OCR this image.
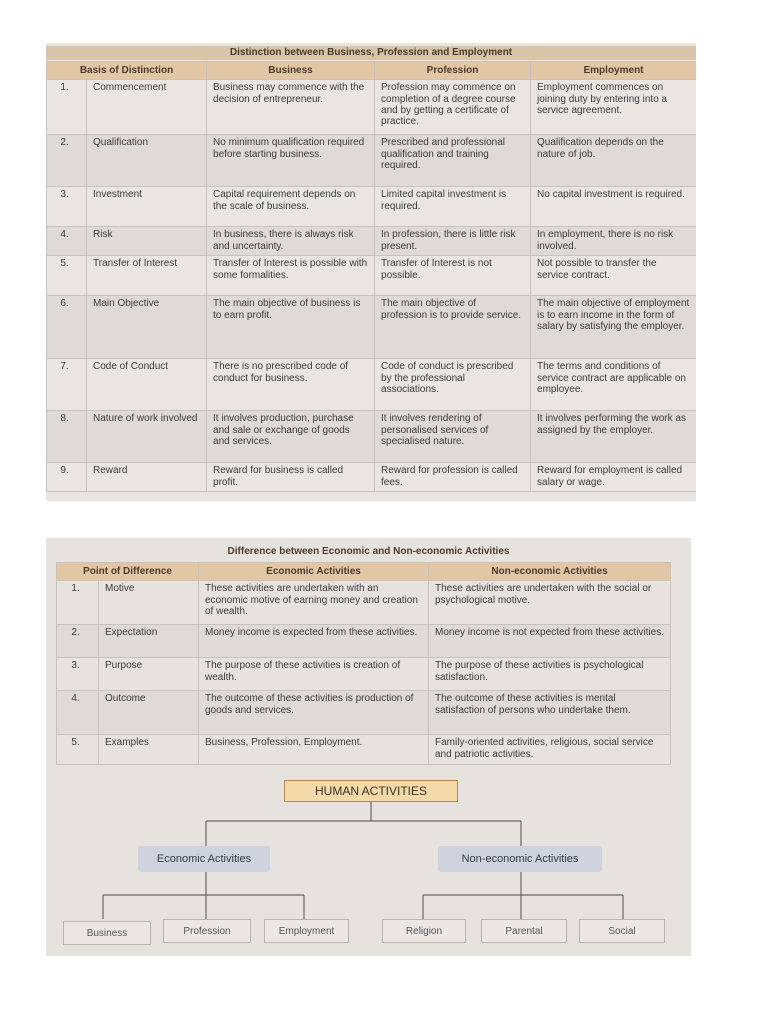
Distinction between Business, Profession and Employment
Basis of Distinction		Business	Profession	Employment
1.	Commencement	Business may commence with the decision of entrepreneur.	Profession may commence on completion of a degree course and by getting a certificate of practice.	Employment commences on joining duty by entering into a service agreement.
2.	Qualification	No minimum qualification required before starting business.	Prescribed and professional qualification and training required.	Qualification depends on the nature of job.
3.	Investment	Capital requirement depends on the scale of business.	Limited capital investment is required.	No capital investment is required.
4.	Risk	In business, there is always risk and uncertainty.	In profession, there is little risk present.	In employment, there is no risk involved.
5.	Transfer of Interest	Transfer of Interest is possible with some formalities.	Transfer of Interest is not possible.	Not possible to transfer the service contract.
6.	Main Objective	The main objective of business is to earn profit.	The main objective of profession is to provide service.	The main objective of employment is to earn income in the form of salary by satisfying the employer.
7.	Code of Conduct	There is no prescribed code of conduct for business.	Code of conduct is prescribed by the professional associations.	The terms and conditions of service contract are applicable on employee.
8.	Nature of work involved	It involves production, purchase and sale or exchange of goods and services.	It involves rendering of personalised services of specialised nature.	It involves performing the work as assigned by the employer.
9.	Reward	Reward for business is called profit.	Reward for profession is called fees.	Reward for employment is called salary or wage.
Difference between Economic and Non-economic Activities
Point of Difference		Economic Activities	Non-economic Activities
1.	Motive	These activities are undertaken with an economic motive of earning money and creation of wealth.	These activities are undertaken with the social or psychological motive.
2.	Expectation	Money income is expected from these activities.	Money income is not expected from these activities.
3.	Purpose	The purpose of these activities is creation of wealth.	The purpose of these activities is psychological satisfaction.
4.	Outcome	The outcome of these activities is production of goods and services.	The outcome of these activities is mental satisfaction of persons who undertake them.
5.	Examples	Business, Profession, Employment.	Family-oriented activities, religious, social service and patriotic activities.
HUMAN ACTIVITIES
Economic Activities	Non-economic Activities
Business	Profession	Employment	Religion	Parental	Social
